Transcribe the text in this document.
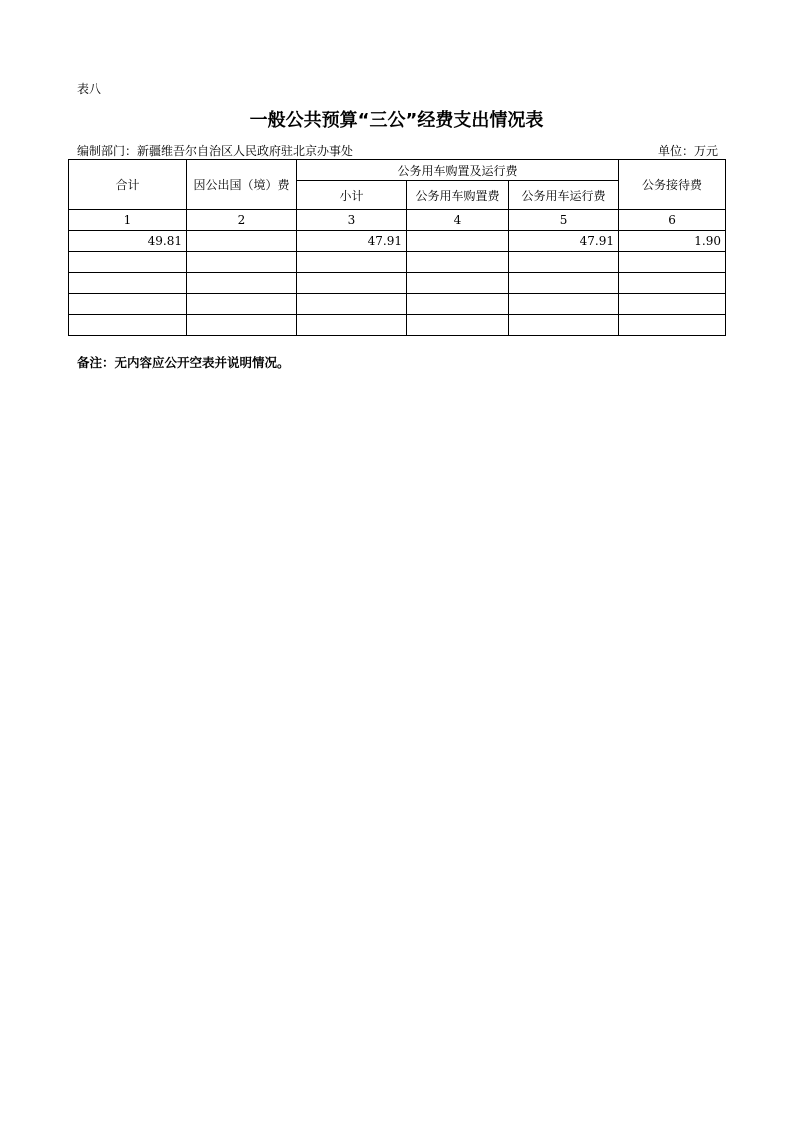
表八
一般公共预算“三公”经费支出情况表
编制部门：新疆维吾尔自治区人民政府驻北京办事处	单位：万元
合计	因公出国（境）费	公务用车购置及运行费			公务接待费
		小计	公务用车购置费	公务用车运行费	
1	2	3	4	5	6
49.81		47.91		47.91	1.90

备注：无内容应公开空表并说明情况。
